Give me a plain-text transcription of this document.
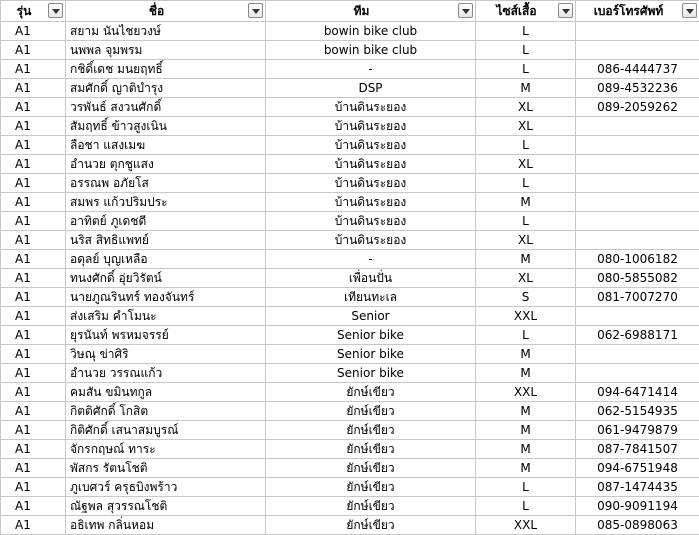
รุ่น	ชื่อ	ทีม	ไซส์เสื้อ	เบอร์โทรศัพท์

A1	สยาม นันไชยวงษ์	bowin bike club	L	
A1	นพพล จุมพรม	bowin bike club	L	
A1	กชิดิ์เดช มนยฤทธิ์	-	L	086-4444737
A1	สมศักดิ์ ญาติบำรุง	DSP	M	089-4532236
A1	วรพันธ์ สงวนศักดิ์	บ้านดินระยอง	XL	089-2059262
A1	สัมฤทธิ์ ข้าวสูงเนิน	บ้านดินระยอง	XL	
A1	ลือชา แสงเมฆ	บ้านดินระยอง	L	
A1	อำนวย ตุกชูแสง	บ้านดินระยอง	XL	
A1	อรรณพ อภัยโส	บ้านดินระยอง	L	
A1	สมพร แก้วปริมประ	บ้านดินระยอง	M	
A1	อาทิตย์ ภูเดชดี	บ้านดินระยอง	L	
A1	นริส สิทธิแพทย์	บ้านดินระยอง	XL	
A1	อดุลย์ บุญเหลือ	-	M	080-1006182
A1	ทนงศักดิ์ อุ่ยวิรัตน์	เพื่อนปั่น	XL	080-5855082
A1	นายภูณรินทร์ ทองจันทร์	เทียนทะเล	S	081-7007270
A1	ส่งเสริม คำโมนะ	Senior	XXL	
A1	ยุรนันท์ พรหมจรรย์	Senior bike	L	062-6988171
A1	วิษณุ ข่าศิริ	Senior bike	M	
A1	อำนวย วรรณแก้ว	Senior bike	M	
A1	คมสัน ขมินทกูล	ยักษ์เขียว	XXL	094-6471414
A1	กิตติศักดิ์ โกสิต	ยักษ์เขียว	M	062-5154935
A1	กิติศักดิ์ เสนาสมบูรณ์	ยักษ์เขียว	M	061-9479879
A1	จักรกฤษณ์ ทาระ	ยักษ์เขียว	M	087-7841507
A1	พัสกร รัตนโชติ	ยักษ์เขียว	M	094-6751948
A1	ภูเบศวร์ ครุธบิงพร้าว	ยักษ์เขียว	L	087-1474435
A1	ณัฐพล สุวรรณโชติ	ยักษ์เขียว	L	090-9091194
A1	อธิเทพ กลิ่นหอม	ยักษ์เขียว	XXL	085-0898063
